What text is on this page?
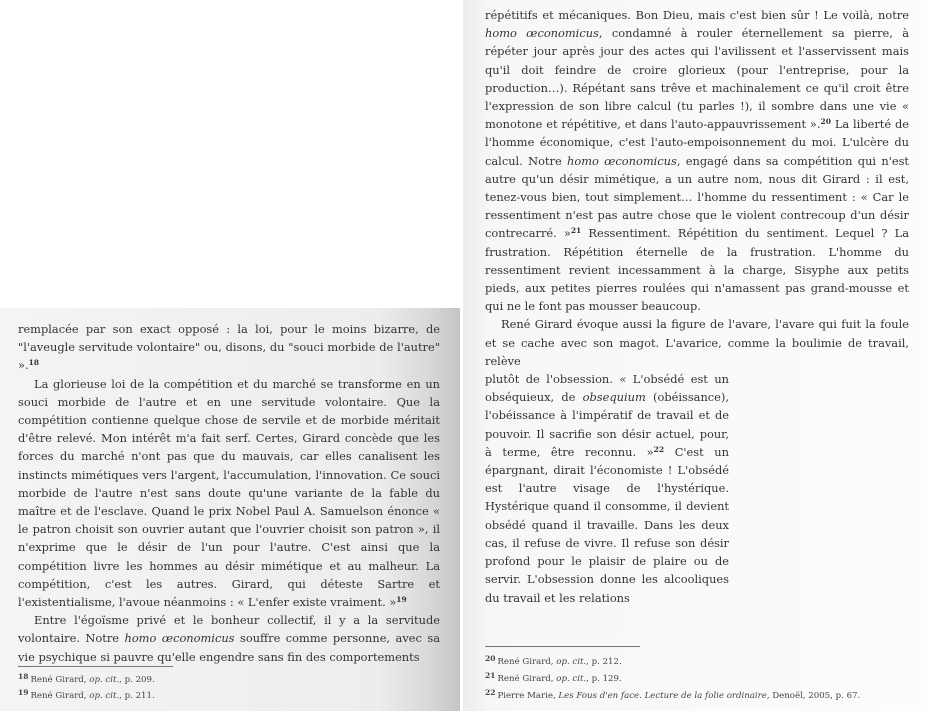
remplacée par son exact opposé : la loi, pour le moins bizarre, de "l'aveugle servitude volontaire" ou, disons, du "souci morbide de l'autre" ».$^{18}$

La glorieuse loi de la compétition et du marché se transforme en un souci morbide de l'autre et en une servitude volontaire. Que la compétition contienne quelque chose de servile et de morbide méritait d'être relevé. Mon intérêt m'a fait serf. Certes, Girard concède que les forces du marché n'ont pas que du mauvais, car elles canalisent les instincts mimétiques vers l'argent, l'accumulation, l'innovation. Ce souci morbide de l'autre n'est sans doute qu'une variante de la fable du maître et de l'esclave. Quand le prix Nobel Paul A. Samuelson énonce « le patron choisit son ouvrier autant que l'ouvrier choisit son patron », il n'exprime que le désir de l'un pour l'autre. C'est ainsi que la compétition livre les hommes au désir mimétique et au malheur. La compétition, c'est les autres. Girard, qui déteste Sartre et l'existentialisme, l'avoue néanmoins : « L'enfer existe vraiment. »$^{19}$

Entre l'égoïsme privé et le bonheur collectif, il y a la servitude volontaire. Notre homo œconomicus souffre comme personne, avec sa vie psychique si pauvre qu'elle engendre sans fin des comportements

18 René Girard, op. cit., p. 209.

19 René Girard, op. cit., p. 211.

répétitifs et mécaniques. Bon Dieu, mais c'est bien sûr ! Le voilà, notre homo œconomicus, condamné à rouler éternellement sa pierre, à répéter jour après jour des actes qui l'avilissent et l'asservissent mais qu'il doit feindre de croire glorieux (pour l'entreprise, pour la production…). Répétant sans trêve et machinalement ce qu'il croit être l'expression de son libre calcul (tu parles !), il sombre dans une vie « monotone et répétitive, et dans l'auto-appauvrissement ».$^{20}$ La liberté de l'homme économique, c'est l'auto-empoisonnement du moi. L'ulcère du calcul. Notre homo œconomicus, engagé dans sa compétition qui n'est autre qu'un désir mimétique, a un autre nom, nous dit Girard : il est, tenez-vous bien, tout simplement… l'homme du ressentiment : « Car le ressentiment n'est pas autre chose que le violent contrecoup d'un désir contrecarré. »$^{21}$ Ressentiment. Répétition du sentiment. Lequel ? La frustration. Répétition éternelle de la frustration. L'homme du ressentiment revient incessamment à la charge, Sisyphe aux petits pieds, aux petites pierres roulées qui n'amassent pas grand-mousse et qui ne le font pas mousser beaucoup.

René Girard évoque aussi la figure de l'avare, l'avare qui fuit la foule et se cache avec son magot. L'avarice, comme la boulimie de travail, relève

plutôt de l'obsession. « L'obsédé est un obséquieux, de obsequium (obéissance), l'obéissance à l'impératif de travail et de pouvoir. Il sacrifie son désir actuel, pour, à terme, être reconnu. »$^{22}$ C'est un épargnant, dirait l'économiste ! L'obsédé est l'autre visage de l'hystérique. Hystérique quand il consomme, il devient obsédé quand il travaille. Dans les deux cas, il refuse de vivre. Il refuse son désir profond pour le plaisir de plaire ou de servir. L'obsession donne les alcooliques du travail et les relations

20 René Girard, op. cit., p. 212.

21 René Girard, op. cit., p. 129.

22 Pierre Marie, Les Fous d'en face. Lecture de la folie ordinaire, Denoël, 2005, p. 67.
